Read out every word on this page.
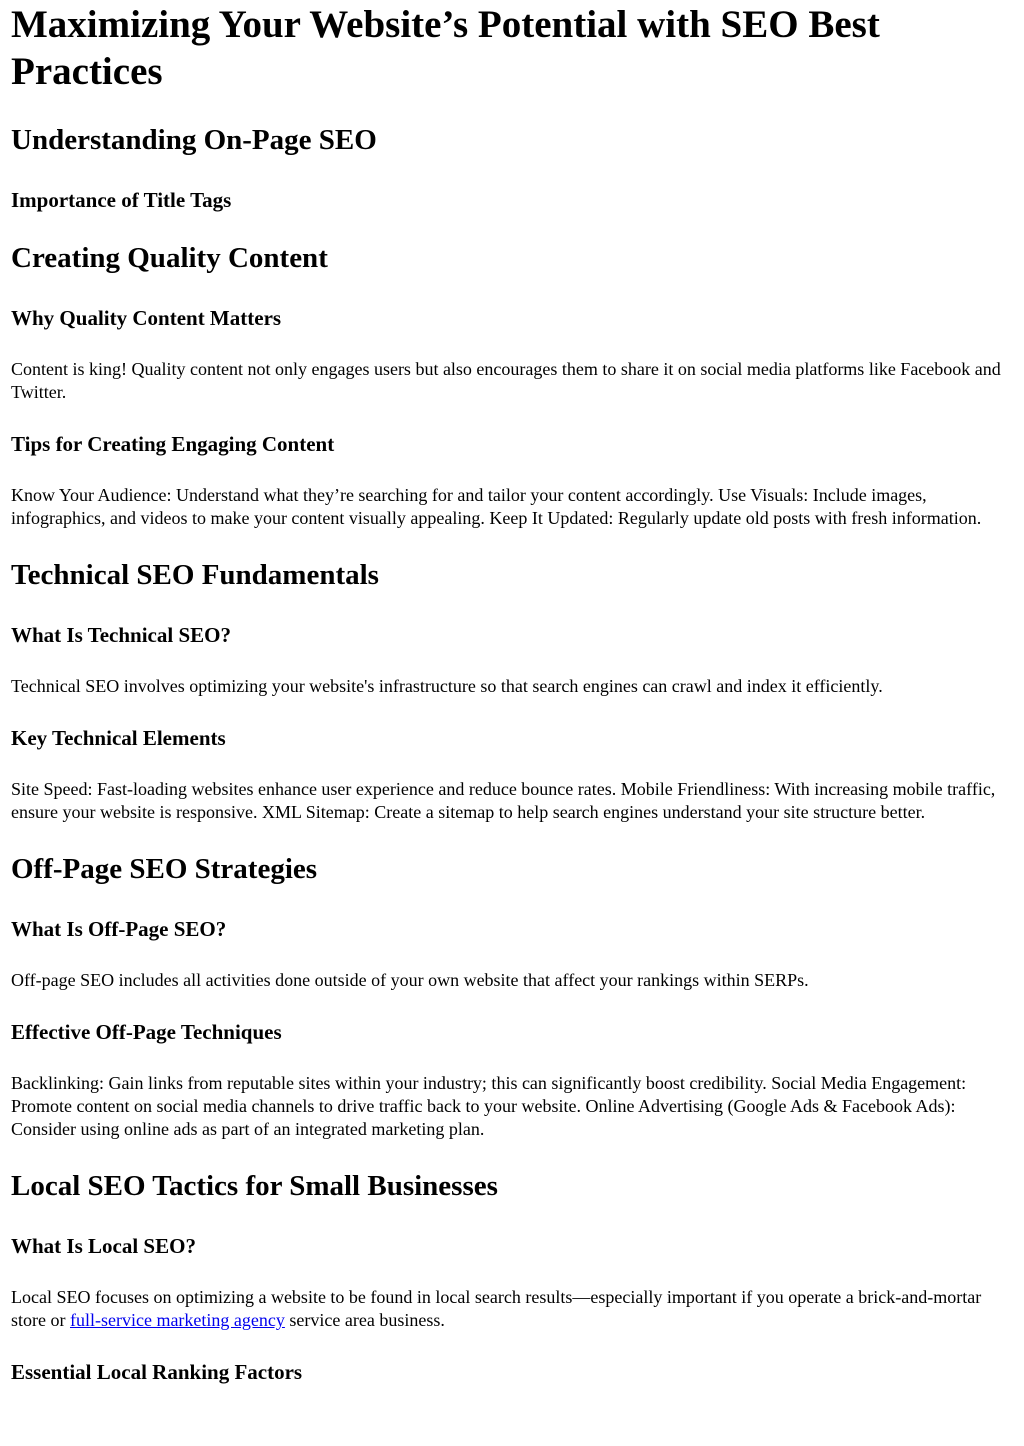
Maximizing Your Website’s Potential with SEO Best Practices
Understanding On-Page SEO
Importance of Title Tags
Creating Quality Content
Why Quality Content Matters

Content is king! Quality content not only engages users but also encourages them to share it on social media platforms like Facebook and Twitter.

Tips for Creating Engaging Content

Know Your Audience: Understand what they’re searching for and tailor your content accordingly. Use Visuals: Include images, infographics, and videos to make your content visually appealing. Keep It Updated: Regularly update old posts with fresh information.

Technical SEO Fundamentals
What Is Technical SEO?

Technical SEO involves optimizing your website's infrastructure so that search engines can crawl and index it efficiently.

Key Technical Elements

Site Speed: Fast-loading websites enhance user experience and reduce bounce rates. Mobile Friendliness: With increasing mobile traffic, ensure your website is responsive. XML Sitemap: Create a sitemap to help search engines understand your site structure better.

Off-Page SEO Strategies
What Is Off-Page SEO?

Off-page SEO includes all activities done outside of your own website that affect your rankings within SERPs.

Effective Off-Page Techniques

Backlinking: Gain links from reputable sites within your industry; this can significantly boost credibility. Social Media Engagement: Promote content on social media channels to drive traffic back to your website. Online Advertising (Google Ads & Facebook Ads): Consider using online ads as part of an integrated marketing plan.

Local SEO Tactics for Small Businesses
What Is Local SEO?

Local SEO focuses on optimizing a website to be found in local search results—especially important if you operate a brick-and-mortar store or full-service marketing agency service area business.

Essential Local Ranking Factors
